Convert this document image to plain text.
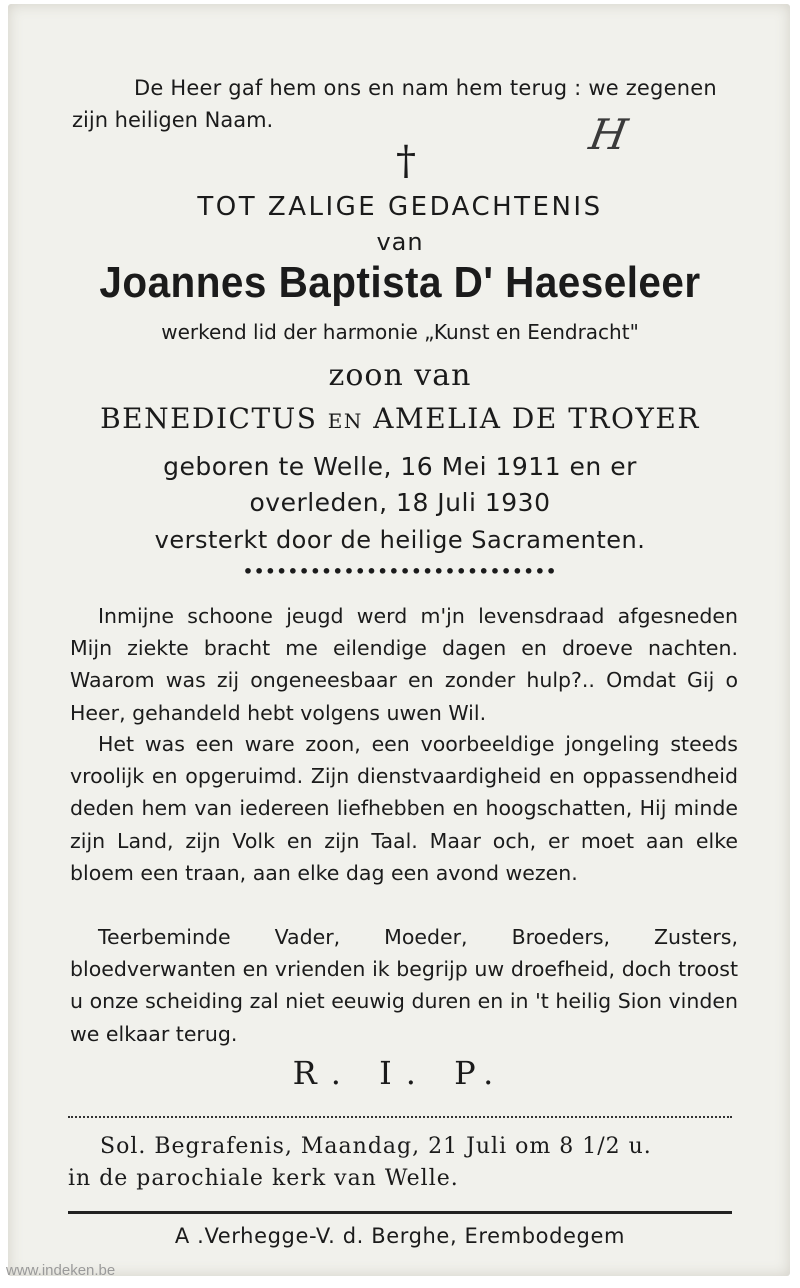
De Heer gaf hem ons en nam hem terug : we zegenen
zijn heiligen Naam.	H
†
TOT ZALIGE GEDACHTENIS
van
Joannes Baptista D' Haeseleer
werkend lid der harmonie „Kunst en Eendracht"
zoon van
BENEDICTUS en AMELIA DE TROYER
geboren te Welle, 16 Mei 1911 en er
overleden, 18 Juli 1930
versterkt door de heilige Sacramenten.
••••••••••••••••••••••••••••

Inmijne schoone jeugd werd m'jn levensdraad afgesneden Mijn ziekte bracht me eilendige dagen en droeve nachten. Waarom was zij ongeneesbaar en zonder hulp?.. Omdat Gij o Heer, gehandeld hebt volgens uwen Wil.

Het was een ware zoon, een voorbeeldige jongeling steeds vroolijk en opgeruimd. Zijn dienstvaardigheid en oppassendheid deden hem van iedereen liefhebben en hoogschatten, Hij minde zijn Land, zijn Volk en zijn Taal. Maar och, er moet aan elke bloem een traan, aan elke dag een avond wezen.

Teerbeminde Vader, Moeder, Broeders, Zusters, bloedverwanten en vrienden ik begrijp uw droefheid, doch troost u onze scheiding zal niet eeuwig duren en in 't heilig Sion vinden we elkaar terug.

R. I. P.
Sol. Begrafenis, Maandag, 21 Juli om 8 1/2 u.
in de parochiale kerk van Welle.
A .Verhegge-V. d. Berghe, Erembodegem
www.indeken.be
